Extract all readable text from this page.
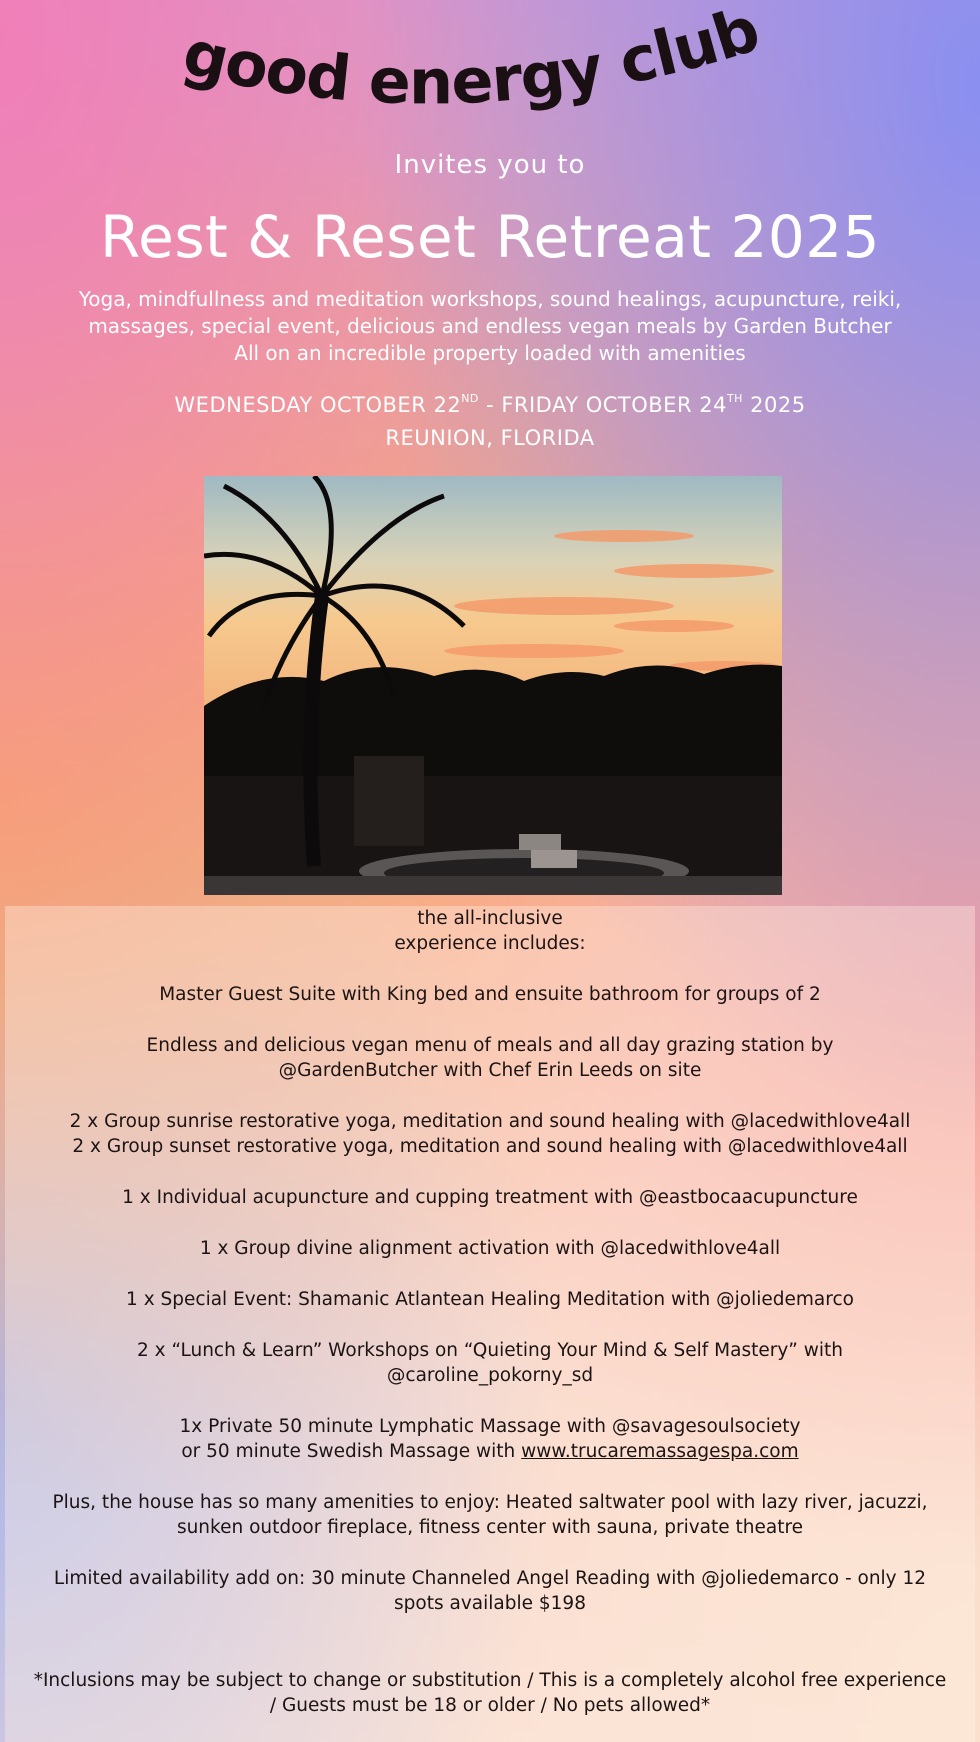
good energy club
Invites you to
Rest & Reset Retreat 2025
Yoga, mindfullness and meditation workshops, sound healings, acupuncture, reiki,
massages, special event, delicious and endless vegan meals by Garden Butcher
All on an incredible property loaded with amenities
WEDNESDAY OCTOBER 22ND - FRIDAY OCTOBER 24TH 2025
REUNION, FLORIDA

the all-inclusive

experience includes:

Master Guest Suite with King bed and ensuite bathroom for groups of 2

Endless and delicious vegan menu of meals and all day grazing station by

@GardenButcher with Chef Erin Leeds on site

2 x Group sunrise restorative yoga, meditation and sound healing with @lacedwithlove4all

2 x Group sunset restorative yoga, meditation and sound healing with @lacedwithlove4all

1 x Individual acupuncture and cupping treatment with @eastbocaacupuncture

1 x Group divine alignment activation with @lacedwithlove4all

1 x Special Event: Shamanic Atlantean Healing Meditation with @joliedemarco

2 x “Lunch & Learn” Workshops on “Quieting Your Mind & Self Mastery” with

@caroline_pokorny_sd

1x Private 50 minute Lymphatic Massage with @savagesoulsociety

or 50 minute Swedish Massage with www.trucaremassagespa.com

Plus, the house has so many amenities to enjoy: Heated saltwater pool with lazy river, jacuzzi,

sunken outdoor fireplace, fitness center with sauna, private theatre

Limited availability add on: 30 minute Channeled Angel Reading with @joliedemarco - only 12

spots available $198

*Inclusions may be subject to change or substitution / This is a completely alcohol free experience

/ Guests must be 18 or older / No pets allowed*
